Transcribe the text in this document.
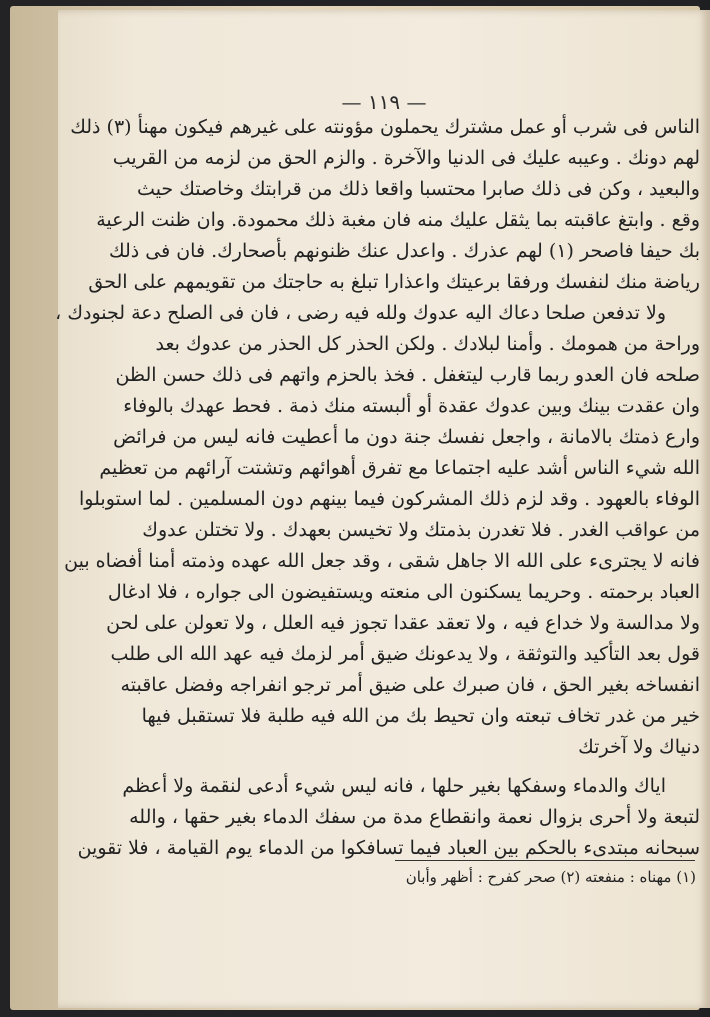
— ١١٩ —
الناس فى شرب أو عمل مشترك يحملون مؤونته على غيرهم فيكون مهنأ (٣) ذلك
لهم دونك . وعيبه عليك فى الدنيا والآخرة . والزم الحق من لزمه من القريب
والبعيد ، وكن فى ذلك صابرا محتسبا واقعا ذلك من قرابتك وخاصتك حيث
وقع . وابتغ عاقبته بما يثقل عليك منه فان مغبة ذلك محمودة. وان ظنت الرعية
بك حيفا فاصحر (١) لهم عذرك . واعدل عنك ظنونهم بأصحارك. فان فى ذلك
رياضة منك لنفسك ورفقا برعيتك واعذارا تبلغ به حاجتك من تقويمهم على الحق
ولا تدفعن صلحا دعاك اليه عدوك ولله فيه رضى ، فان فى الصلح دعة لجنودك ،
وراحة من همومك . وأمنا لبلادك . ولكن الحذر كل الحذر من عدوك بعد
صلحه فان العدو ربما قارب ليتغفل . فخذ بالحزم واتهم فى ذلك حسن الظن
وان عقدت بينك وبين عدوك عقدة أو ألبسته منك ذمة . فحط عهدك بالوفاء
وارع ذمتك بالامانة ، واجعل نفسك جنة دون ما أعطيت فانه ليس من فرائض
الله شيء الناس أشد عليه اجتماعا مع تفرق أهوائهم وتشتت آرائهم من تعظيم
الوفاء بالعهود . وقد لزم ذلك المشركون فيما بينهم دون المسلمين . لما استوبلوا
من عواقب الغدر . فلا تغدرن بذمتك ولا تخيسن بعهدك . ولا تختلن عدوك
فانه لا يجترىء على الله الا جاهل شقى ، وقد جعل الله عهده وذمته أمنا أفضاه بين
العباد برحمته . وحريما يسكنون الى منعته ويستفيضون الى جواره ، فلا ادغال
ولا مدالسة ولا خداع فيه ، ولا تعقد عقدا تجوز فيه العلل ، ولا تعولن على لحن
قول بعد التأكيد والتوثقة ، ولا يدعونك ضيق أمر لزمك فيه عهد الله الى طلب
انفساخه بغير الحق ، فان صبرك على ضيق أمر ترجو انفراجه وفضل عاقبته
خير من غدر تخاف تبعته وان تحيط بك من الله فيه طلبة فلا تستقبل فيها
دنياك ولا آخرتك
اياك والدماء وسفكها بغير حلها ، فانه ليس شيء أدعى لنقمة ولا أعظم
لتبعة ولا أحرى بزوال نعمة وانقطاع مدة من سفك الدماء بغير حقها ، والله
سبحانه مبتدىء بالحكم بين العباد فيما تسافكوا من الدماء يوم القيامة ، فلا تقوين
(١) مهناه : منفعته (٢) صحر كفرح : أظهر وأبان
